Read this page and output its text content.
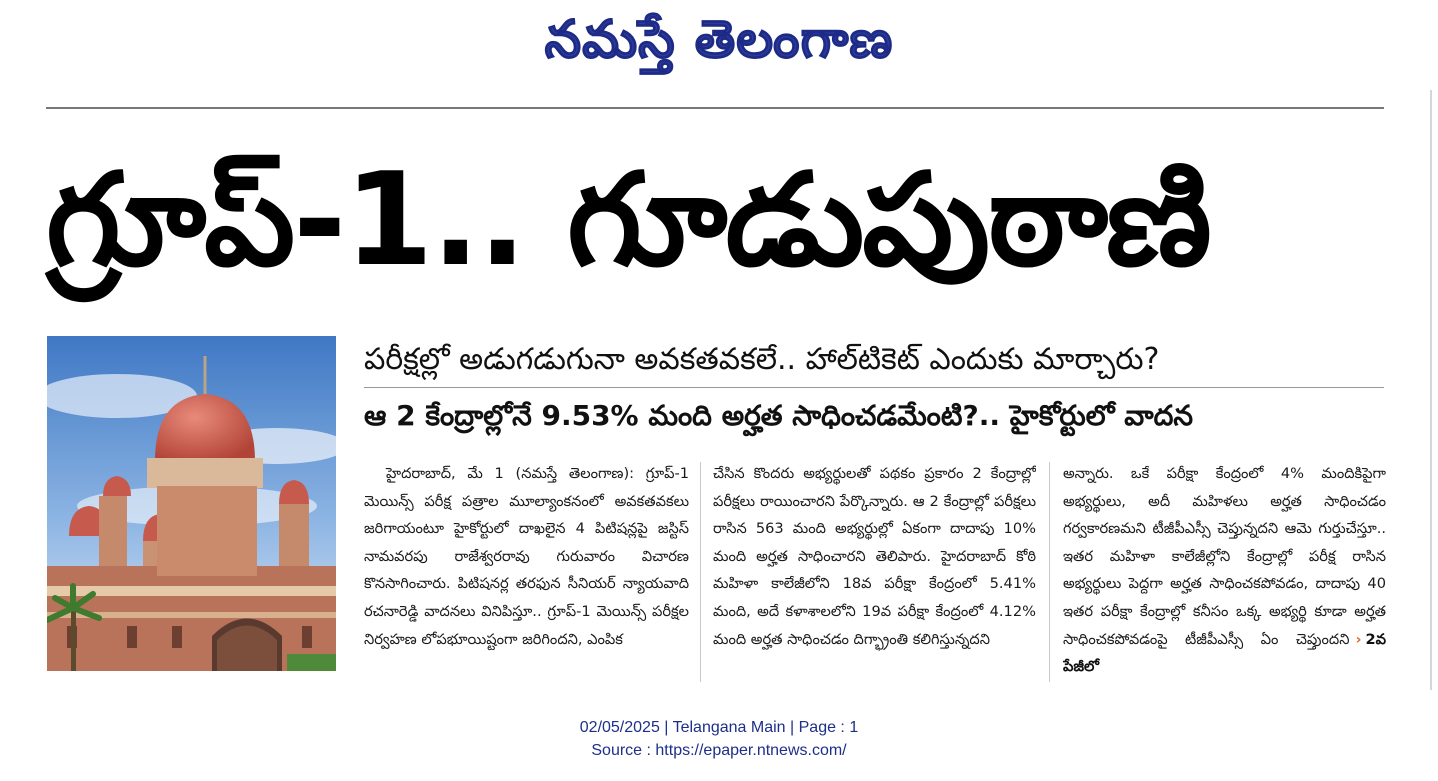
నమస్తే తెలంగాణ
గ్రూప్‌-1.. గూడుపుఠాణి
పరీక్షల్లో అడుగడుగునా అవకతవకలే.. హాల్‌టికెట్‌ ఎందుకు మార్చారు?
ఆ 2 కేంద్రాల్లోనే 9.53% మంది అర్హత సాధించడమేంటి?.. హైకోర్టులో వాదన
హైదరాబాద్‌, మే 1 (నమస్తే తెలంగాణ): గ్రూప్‌-1 మెయిన్స్‌ పరీక్ష పత్రాల మూల్యాంకనంలో అవకతవకలు జరిగాయంటూ హైకోర్టులో దాఖలైన 4 పిటిషన్లపై జస్టిస్‌ నామవరపు రాజేశ్వరరావు గురువారం విచారణ కొనసాగించారు. పిటిషనర్ల తరఫున సీనియర్‌ న్యాయవాది రచనారెడ్డి వాదనలు వినిపిస్తూ.. గ్రూప్‌-1 మెయిన్స్‌ పరీక్షల నిర్వహణ లోపభూయిష్టంగా జరిగిందని, ఎంపిక
చేసిన కొందరు అభ్యర్థులతో పథకం ప్రకారం 2 కేంద్రాల్లో పరీక్షలు రాయించారని పేర్కొన్నారు. ఆ 2 కేంద్రాల్లో పరీక్షలు రాసిన 563 మంది అభ్యర్థుల్లో ఏకంగా దాదాపు 10% మంది అర్హత సాధించారని తెలిపారు. హైదరాబాద్‌ కోఠి మహిళా కాలేజీలోని 18వ పరీక్షా కేంద్రంలో 5.41% మంది, అదే కళాశాలలోని 19వ పరీక్షా కేంద్రంలో 4.12% మంది అర్హత సాధించడం దిగ్భ్రాంతి కలిగిస్తున్నదని
అన్నారు. ఒకే పరీక్షా కేంద్రంలో 4% మందికిపైగా అభ్యర్థులు, అదీ మహిళలు అర్హత సాధించడం గర్వకారణమని టీజీపీఎస్సీ చెప్తున్నదని ఆమె గుర్తుచేస్తూ.. ఇతర మహిళా కాలేజీల్లోని కేంద్రాల్లో పరీక్ష రాసిన అభ్యర్థులు పెద్దగా అర్హత సాధించకపోవడం, దాదాపు 40 ఇతర పరీక్షా కేంద్రాల్లో కనీసం ఒక్క అభ్యర్థి కూడా అర్హత సాధించకపోవడంపై టీజీపీఎస్సీ ఏం చెప్తుందని › 2వ పేజీలో
02/05/2025 | Telangana Main | Page : 1
Source : https://epaper.ntnews.com/
